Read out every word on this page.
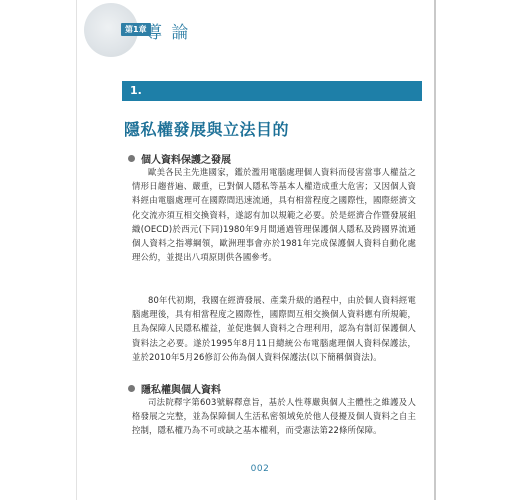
第1章
導 論
1.
隱私權發展與立法目的
個人資料保護之發展
歐美各民主先進國家，鑑於濫用電腦處理個人資料而侵害當事人權益之情形日趨普遍、嚴重，已對個人隱私等基本人權造成重大危害；又因個人資料經由電腦處理可在國際間迅速流通，具有相當程度之國際性，國際經濟文化交流亦須互相交換資料，遂認有加以規範之必要。於是經濟合作暨發展組織(OECD)於西元(下同)1980年9月間通過管理保護個人隱私及跨國界流通個人資料之指導綱領，歐洲理事會亦於1981年完成保護個人資料自動化處理公約，並提出八項原則供各國參考。
80年代初期，我國在經濟發展、產業升級的過程中，由於個人資料經電腦處理後，具有相當程度之國際性，國際間互相交換個人資料應有所規範，且為保障人民隱私權益，並促進個人資料之合理利用，認為有制訂保護個人資料法之必要。遂於1995年8月11日總統公布電腦處理個人資料保護法，並於2010年5月26修訂公佈為個人資料保護法(以下簡稱個資法)。
隱私權與個人資料
司法院釋字第603號解釋意旨，基於人性尊嚴與個人主體性之維護及人格發展之完整，並為保障個人生活私密領域免於他人侵擾及個人資料之自主控制，隱私權乃為不可或缺之基本權利，而受憲法第22條所保障。
002
